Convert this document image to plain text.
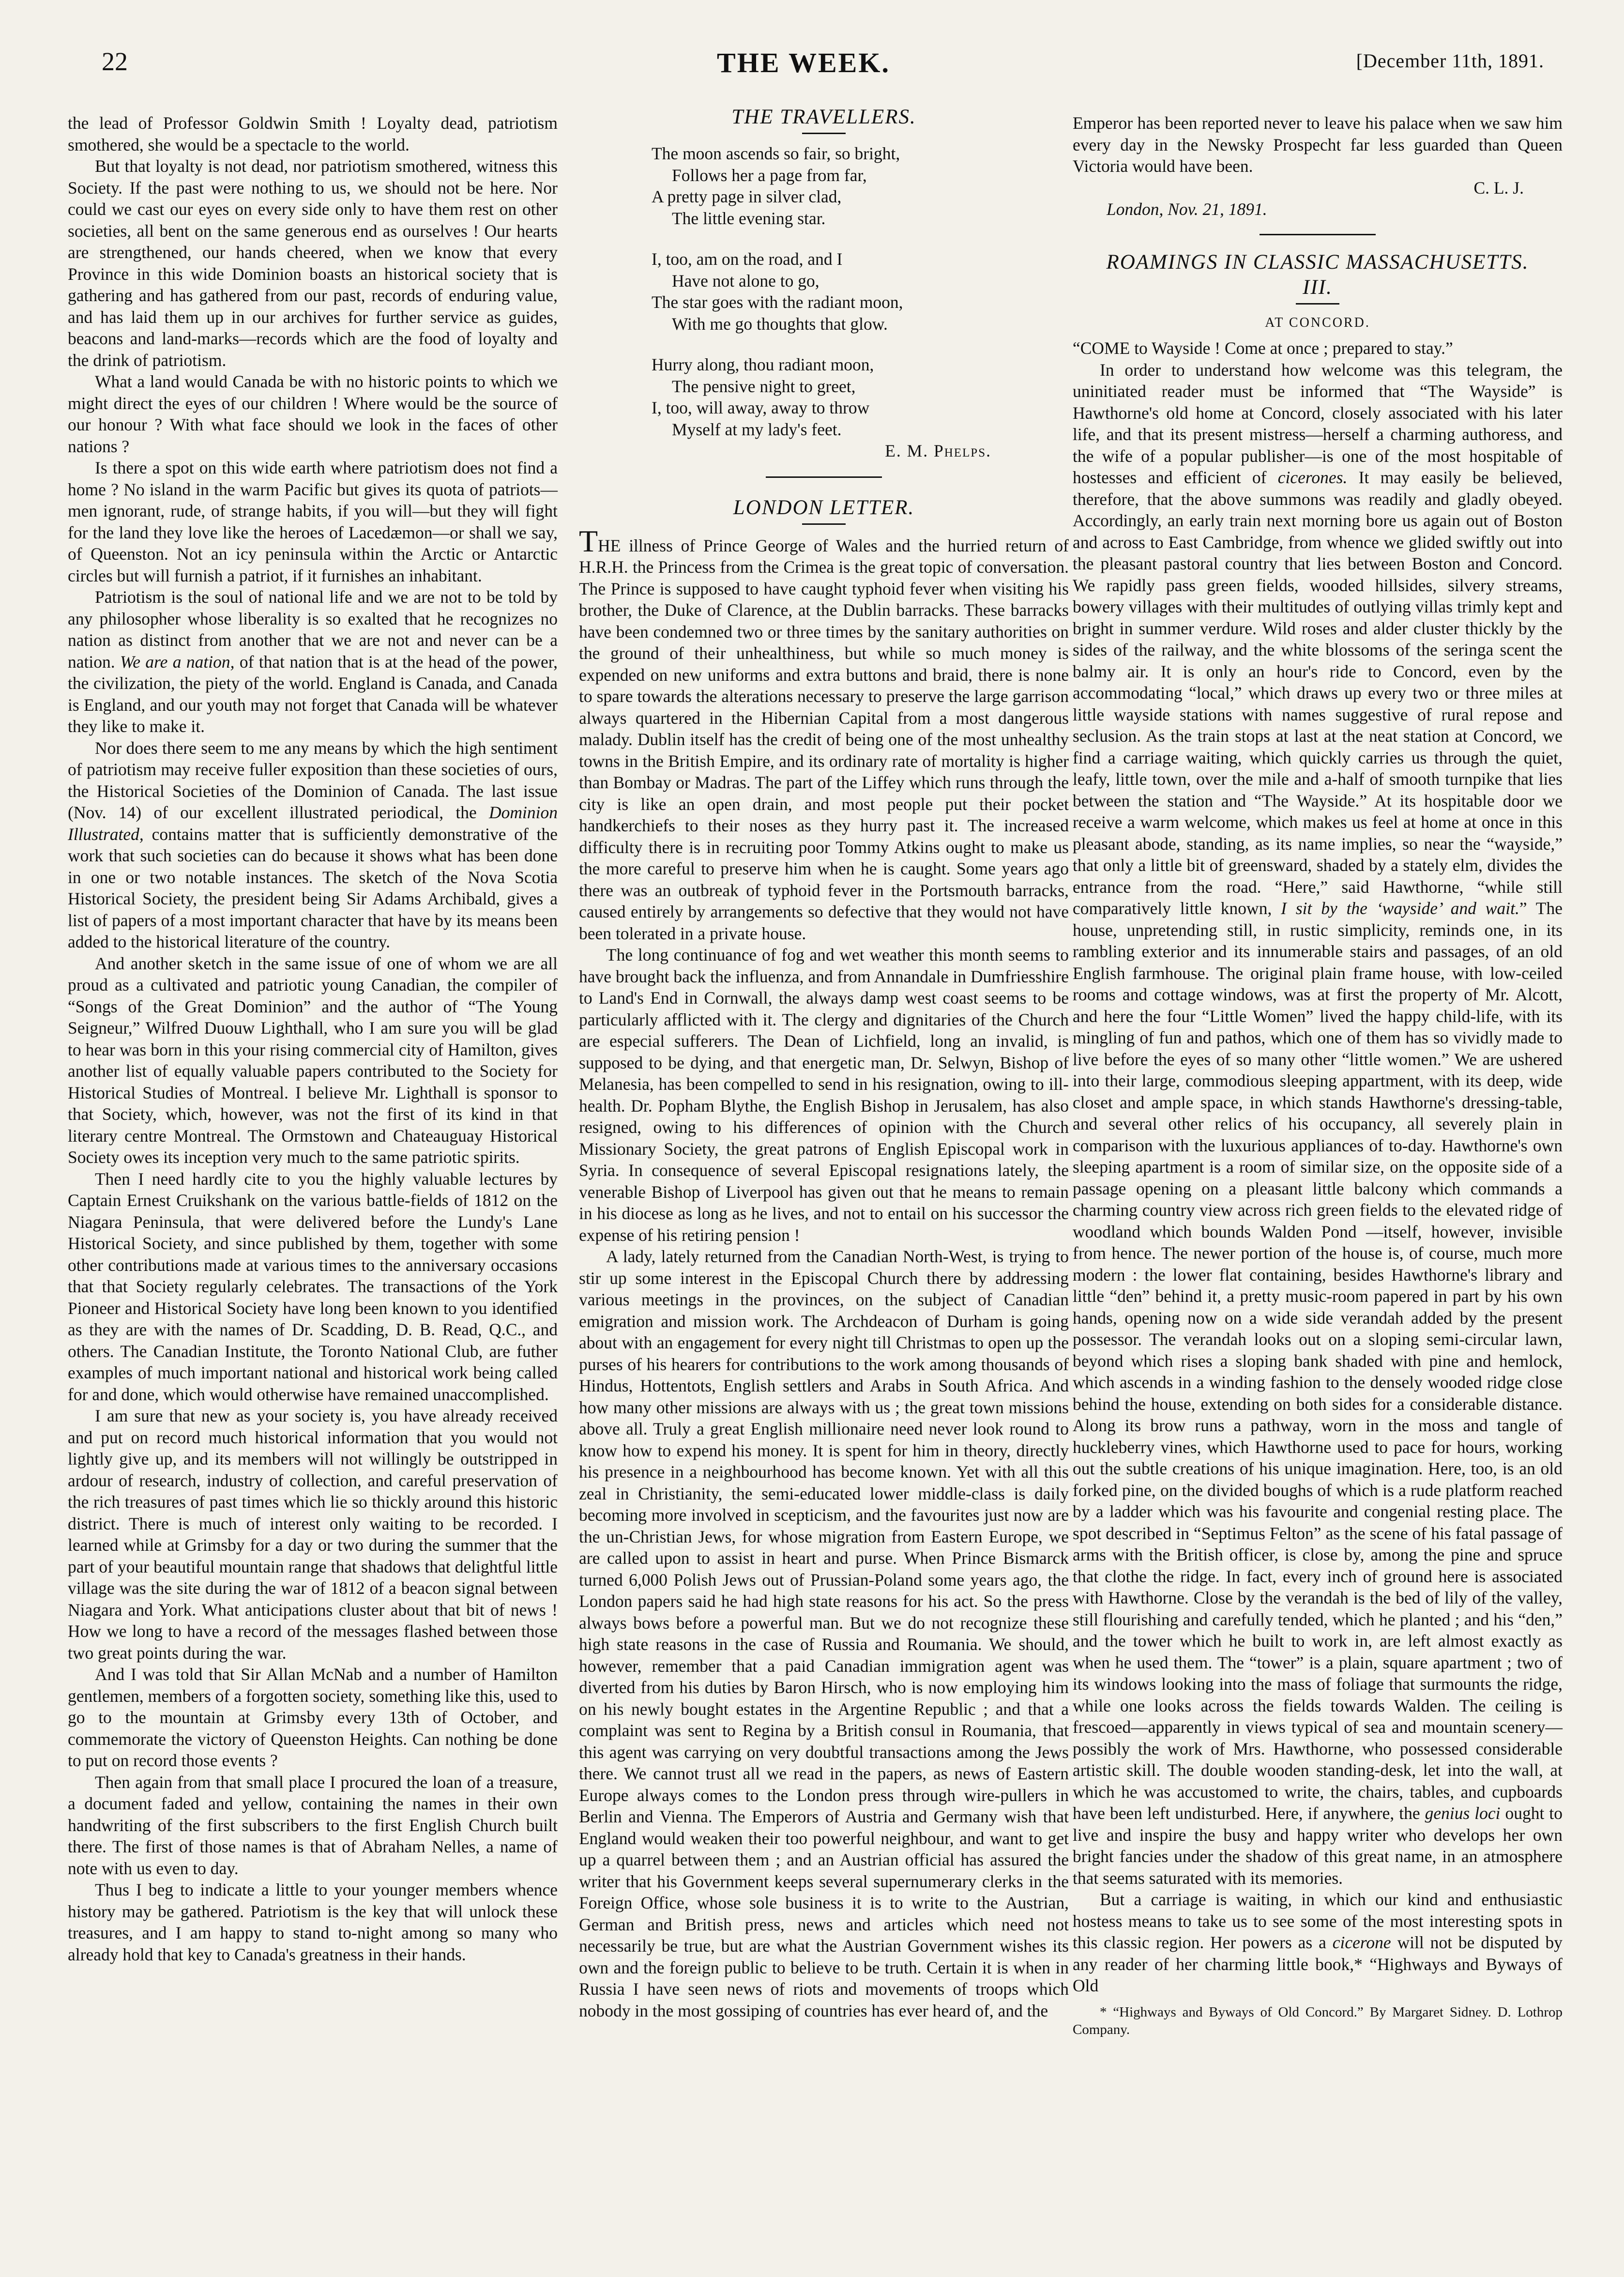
22	THE WEEK.	[December 11th, 1891.

the lead of Professor Goldwin Smith ! Loyalty dead, patriotism smothered, she would be a spectacle to the world.

But that loyalty is not dead, nor patriotism smothered, witness this Society. If the past were nothing to us, we should not be here. Nor could we cast our eyes on every side only to have them rest on other societies, all bent on the same generous end as ourselves ! Our hearts are strengthened, our hands cheered, when we know that every Province in this wide Dominion boasts an historical society that is gathering and has gathered from our past, records of enduring value, and has laid them up in our archives for further service as guides, beacons and land-marks—records which are the food of loyalty and the drink of patriotism.

What a land would Canada be with no historic points to which we might direct the eyes of our children ! Where would be the source of our honour ? With what face should we look in the faces of other nations ?

Is there a spot on this wide earth where patriotism does not find a home ? No island in the warm Pacific but gives its quota of patriots—men ignorant, rude, of strange habits, if you will—but they will fight for the land they love like the heroes of Lacedæmon—or shall we say, of Queenston. Not an icy peninsula within the Arctic or Antarctic circles but will furnish a patriot, if it furnishes an inhabitant.

Patriotism is the soul of national life and we are not to be told by any philosopher whose liberality is so exalted that he recognizes no nation as distinct from another that we are not and never can be a nation. We are a nation, of that nation that is at the head of the power, the civilization, the piety of the world. England is Canada, and Canada is England, and our youth may not forget that Canada will be whatever they like to make it.

Nor does there seem to me any means by which the high sentiment of patriotism may receive fuller exposition than these societies of ours, the Historical Societies of the Dominion of Canada. The last issue (Nov. 14) of our excellent illustrated periodical, the Dominion Illustrated, contains matter that is sufficiently demonstrative of the work that such societies can do because it shows what has been done in one or two notable instances. The sketch of the Nova Scotia Historical Society, the president being Sir Adams Archibald, gives a list of papers of a most important character that have by its means been added to the historical literature of the country.

And another sketch in the same issue of one of whom we are all proud as a cultivated and patriotic young Canadian, the compiler of “Songs of the Great Dominion” and the author of “The Young Seigneur,” Wilfred Duouw Lighthall, who I am sure you will be glad to hear was born in this your rising commercial city of Hamilton, gives another list of equally valuable papers contributed to the Society for Historical Studies of Montreal. I believe Mr. Lighthall is sponsor to that Society, which, however, was not the first of its kind in that literary centre Montreal. The Ormstown and Chateauguay Historical Society owes its inception very much to the same patriotic spirits.

Then I need hardly cite to you the highly valuable lectures by Captain Ernest Cruikshank on the various battle-fields of 1812 on the Niagara Peninsula, that were delivered before the Lundy's Lane Historical Society, and since published by them, together with some other contributions made at various times to the anniversary occasions that that Society regularly celebrates. The transactions of the York Pioneer and Historical Society have long been known to you identified as they are with the names of Dr. Scadding, D. B. Read, Q.C., and others. The Canadian Institute, the Toronto National Club, are futher examples of much important national and historical work being called for and done, which would otherwise have remained unaccomplished.

I am sure that new as your society is, you have already received and put on record much historical information that you would not lightly give up, and its members will not willingly be outstripped in ardour of research, industry of collection, and careful preservation of the rich treasures of past times which lie so thickly around this historic district. There is much of interest only waiting to be recorded. I learned while at Grimsby for a day or two during the summer that the part of your beautiful mountain range that shadows that delightful little village was the site during the war of 1812 of a beacon signal between Niagara and York. What anticipations cluster about that bit of news ! How we long to have a record of the messages flashed between those two great points during the war.

And I was told that Sir Allan McNab and a number of Hamilton gentlemen, members of a forgotten society, something like this, used to go to the mountain at Grimsby every 13th of October, and commemorate the victory of Queenston Heights. Can nothing be done to put on record those events ?

Then again from that small place I procured the loan of a treasure, a document faded and yellow, containing the names in their own handwriting of the first subscribers to the first English Church built there. The first of those names is that of Abraham Nelles, a name of note with us even to day.

Thus I beg to indicate a little to your younger members whence history may be gathered. Patriotism is the key that will unlock these treasures, and I am happy to stand to-night among so many who already hold that key to Canada's greatness in their hands.

THE TRAVELLERS.
The moon ascends so fair, so bright,
Follows her a page from far,
A pretty page in silver clad,
The little evening star.
I, too, am on the road, and I
Have not alone to go,
The star goes with the radiant moon,
With me go thoughts that glow.
Hurry along, thou radiant moon,
The pensive night to greet,
I, too, will away, away to throw
Myself at my lady's feet.
E. M. Phelps.
LONDON LETTER.

THE illness of Prince George of Wales and the hurried return of H.R.H. the Princess from the Crimea is the great topic of conversation. The Prince is supposed to have caught typhoid fever when visiting his brother, the Duke of Clarence, at the Dublin barracks. These barracks have been condemned two or three times by the sanitary authorities on the ground of their unhealthiness, but while so much money is expended on new uniforms and extra buttons and braid, there is none to spare towards the alterations necessary to preserve the large garrison always quartered in the Hibernian Capital from a most dangerous malady. Dublin itself has the credit of being one of the most unhealthy towns in the British Empire, and its ordinary rate of mortality is higher than Bombay or Madras. The part of the Liffey which runs through the city is like an open drain, and most people put their pocket handkerchiefs to their noses as they hurry past it. The increased difficulty there is in recruiting poor Tommy Atkins ought to make us the more careful to preserve him when he is caught. Some years ago there was an outbreak of typhoid fever in the Portsmouth barracks, caused entirely by arrangements so defective that they would not have been tolerated in a private house.

The long continuance of fog and wet weather this month seems to have brought back the influenza, and from Annandale in Dumfriesshire to Land's End in Cornwall, the always damp west coast seems to be particularly afflicted with it. The clergy and dignitaries of the Church are especial sufferers. The Dean of Lichfield, long an invalid, is supposed to be dying, and that energetic man, Dr. Selwyn, Bishop of Melanesia, has been compelled to send in his resignation, owing to ill-health. Dr. Popham Blythe, the English Bishop in Jerusalem, has also resigned, owing to his differences of opinion with the Church Missionary Society, the great patrons of English Episcopal work in Syria. In consequence of several Episcopal resignations lately, the venerable Bishop of Liverpool has given out that he means to remain in his diocese as long as he lives, and not to entail on his successor the expense of his retiring pension !

A lady, lately returned from the Canadian North-West, is trying to stir up some interest in the Episcopal Church there by addressing various meetings in the provinces, on the subject of Canadian emigration and mission work. The Archdeacon of Durham is going about with an engagement for every night till Christmas to open up the purses of his hearers for contributions to the work among thousands of Hindus, Hottentots, English settlers and Arabs in South Africa. And how many other missions are always with us ; the great town missions above all. Truly a great English millionaire need never look round to know how to expend his money. It is spent for him in theory, directly his presence in a neighbourhood has become known. Yet with all this zeal in Christianity, the semi-educated lower middle-class is daily becoming more involved in scepticism, and the favourites just now are the un-Christian Jews, for whose migration from Eastern Europe, we are called upon to assist in heart and purse. When Prince Bismarck turned 6,000 Polish Jews out of Prussian-Poland some years ago, the London papers said he had high state reasons for his act. So the press always bows before a powerful man. But we do not recognize these high state reasons in the case of Russia and Roumania. We should, however, remember that a paid Canadian immigration agent was diverted from his duties by Baron Hirsch, who is now employing him on his newly bought estates in the Argentine Republic ; and that a complaint was sent to Regina by a British consul in Roumania, that this agent was carrying on very doubtful transactions among the Jews there. We cannot trust all we read in the papers, as news of Eastern Europe always comes to the London press through wire-pullers in Berlin and Vienna. The Emperors of Austria and Germany wish that England would weaken their too powerful neighbour, and want to get up a quarrel between them ; and an Austrian official has assured the writer that his Government keeps several supernumerary clerks in the Foreign Office, whose sole business it is to write to the Austrian, German and British press, news and articles which need not necessarily be true, but are what the Austrian Government wishes its own and the foreign public to believe to be truth. Certain it is when in Russia I have seen news of riots and movements of troops which nobody in the most gossiping of countries has ever heard of, and the

Emperor has been reported never to leave his palace when we saw him every day in the Newsky Prospecht far less guarded than Queen Victoria would have been.

C. L. J.
London, Nov. 21, 1891.
ROAMINGS IN CLASSIC MASSACHUSETTS.
III.
AT CONCORD.

“COME to Wayside ! Come at once ; prepared to stay.”

In order to understand how welcome was this telegram, the uninitiated reader must be informed that “The Wayside” is Hawthorne's old home at Concord, closely associated with his later life, and that its present mistress—herself a charming authoress, and the wife of a popular publisher—is one of the most hospitable of hostesses and efficient of cicerones. It may easily be believed, therefore, that the above summons was readily and gladly obeyed. Accordingly, an early train next morning bore us again out of Boston and across to East Cambridge, from whence we glided swiftly out into the pleasant pastoral country that lies between Boston and Concord. We rapidly pass green fields, wooded hillsides, silvery streams, bowery villages with their multitudes of outlying villas trimly kept and bright in summer verdure. Wild roses and alder cluster thickly by the sides of the railway, and the white blossoms of the seringa scent the balmy air. It is only an hour's ride to Concord, even by the accommodating “local,” which draws up every two or three miles at little wayside stations with names suggestive of rural repose and seclusion. As the train stops at last at the neat station at Concord, we find a carriage waiting, which quickly carries us through the quiet, leafy, little town, over the mile and a-half of smooth turnpike that lies between the station and “The Wayside.” At its hospitable door we receive a warm welcome, which makes us feel at home at once in this pleasant abode, standing, as its name implies, so near the “wayside,” that only a little bit of greensward, shaded by a stately elm, divides the entrance from the road. “Here,” said Hawthorne, “while still comparatively little known, I sit by the ‘wayside’ and wait.” The house, unpretending still, in rustic simplicity, reminds one, in its rambling exterior and its innumerable stairs and passages, of an old English farmhouse. The original plain frame house, with low-ceiled rooms and cottage windows, was at first the property of Mr. Alcott, and here the four “Little Women” lived the happy child-life, with its mingling of fun and pathos, which one of them has so vividly made to live before the eyes of so many other “little women.” We are ushered into their large, commodious sleeping appartment, with its deep, wide closet and ample space, in which stands Hawthorne's dressing-table, and several other relics of his occupancy, all severely plain in comparison with the luxurious appliances of to-day. Hawthorne's own sleeping apartment is a room of similar size, on the opposite side of a passage opening on a pleasant little balcony which commands a charming country view across rich green fields to the elevated ridge of woodland which bounds Walden Pond —itself, however, invisible from hence. The newer portion of the house is, of course, much more modern : the lower flat containing, besides Hawthorne's library and little “den” behind it, a pretty music-room papered in part by his own hands, opening now on a wide side verandah added by the present possessor. The verandah looks out on a sloping semi-circular lawn, beyond which rises a sloping bank shaded with pine and hemlock, which ascends in a winding fashion to the densely wooded ridge close behind the house, extending on both sides for a considerable distance. Along its brow runs a pathway, worn in the moss and tangle of huckleberry vines, which Hawthorne used to pace for hours, working out the subtle creations of his unique imagination. Here, too, is an old forked pine, on the divided boughs of which is a rude platform reached by a ladder which was his favourite and congenial resting place. The spot described in “Septimus Felton” as the scene of his fatal passage of arms with the British officer, is close by, among the pine and spruce that clothe the ridge. In fact, every inch of ground here is associated with Hawthorne. Close by the verandah is the bed of lily of the valley, still flourishing and carefully tended, which he planted ; and his “den,” and the tower which he built to work in, are left almost exactly as when he used them. The “tower” is a plain, square apartment ; two of its windows looking into the mass of foliage that surmounts the ridge, while one looks across the fields towards Walden. The ceiling is frescoed—apparently in views typical of sea and mountain scenery—possibly the work of Mrs. Hawthorne, who possessed considerable artistic skill. The double wooden standing-desk, let into the wall, at which he was accustomed to write, the chairs, tables, and cupboards have been left undisturbed. Here, if anywhere, the genius loci ought to live and inspire the busy and happy writer who develops her own bright fancies under the shadow of this great name, in an atmosphere that seems saturated with its memories.

But a carriage is waiting, in which our kind and enthusiastic hostess means to take us to see some of the most interesting spots in this classic region. Her powers as a cicerone will not be disputed by any reader of her charming little book,* “Highways and Byways of Old

* “Highways and Byways of Old Concord.” By Margaret Sidney. D. Lothrop Company.
